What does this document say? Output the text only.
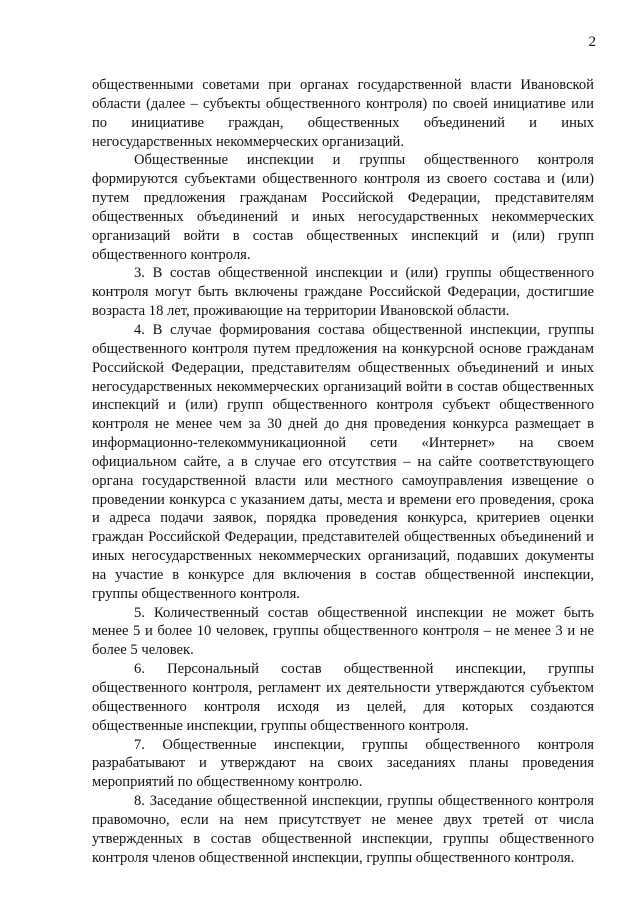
2

общественными советами при органах государственной власти Ивановской области (далее – субъекты общественного контроля) по своей инициативе или по инициативе граждан, общественных объединений и иных негосударственных некоммерческих организаций.

Общественные инспекции и группы общественного контроля формируются субъектами общественного контроля из своего состава и (или) путем предложения гражданам Российской Федерации, представителям общественных объединений и иных негосударственных некоммерческих организаций войти в состав общественных инспекций и (или) групп общественного контроля.

3. В состав общественной инспекции и (или) группы общественного контроля могут быть включены граждане Российской Федерации, достигшие возраста 18 лет, проживающие на территории Ивановской области.

4. В случае формирования состава общественной инспекции, группы общественного контроля путем предложения на конкурсной основе гражданам Российской Федерации, представителям общественных объединений и иных негосударственных некоммерческих организаций войти в состав общественных инспекций и (или) групп общественного контроля субъект общественного контроля не менее чем за 30 дней до дня проведения конкурса размещает в информационно-телекоммуникационной сети «Интернет» на своем официальном сайте, а в случае его отсутствия – на сайте соответствующего органа государственной власти или местного самоуправления извещение о проведении конкурса с указанием даты, места и времени его проведения, срока и адреса подачи заявок, порядка проведения конкурса, критериев оценки граждан Российской Федерации, представителей общественных объединений и иных негосударственных некоммерческих организаций, подавших документы на участие в конкурсе для включения в состав общественной инспекции, группы общественного контроля.

5. Количественный состав общественной инспекции не может быть менее 5 и более 10 человек, группы общественного контроля – не менее 3 и не более 5 человек.

6. Персональный состав общественной инспекции, группы общественного контроля, регламент их деятельности утверждаются субъектом общественного контроля исходя из целей, для которых создаются общественные инспекции, группы общественного контроля.

7. Общественные инспекции, группы общественного контроля разрабатывают и утверждают на своих заседаниях планы проведения мероприятий по общественному контролю.

8. Заседание общественной инспекции, группы общественного контроля правомочно, если на нем присутствует не менее двух третей от числа утвержденных в состав общественной инспекции, группы общественного контроля членов общественной инспекции, группы общественного контроля.
